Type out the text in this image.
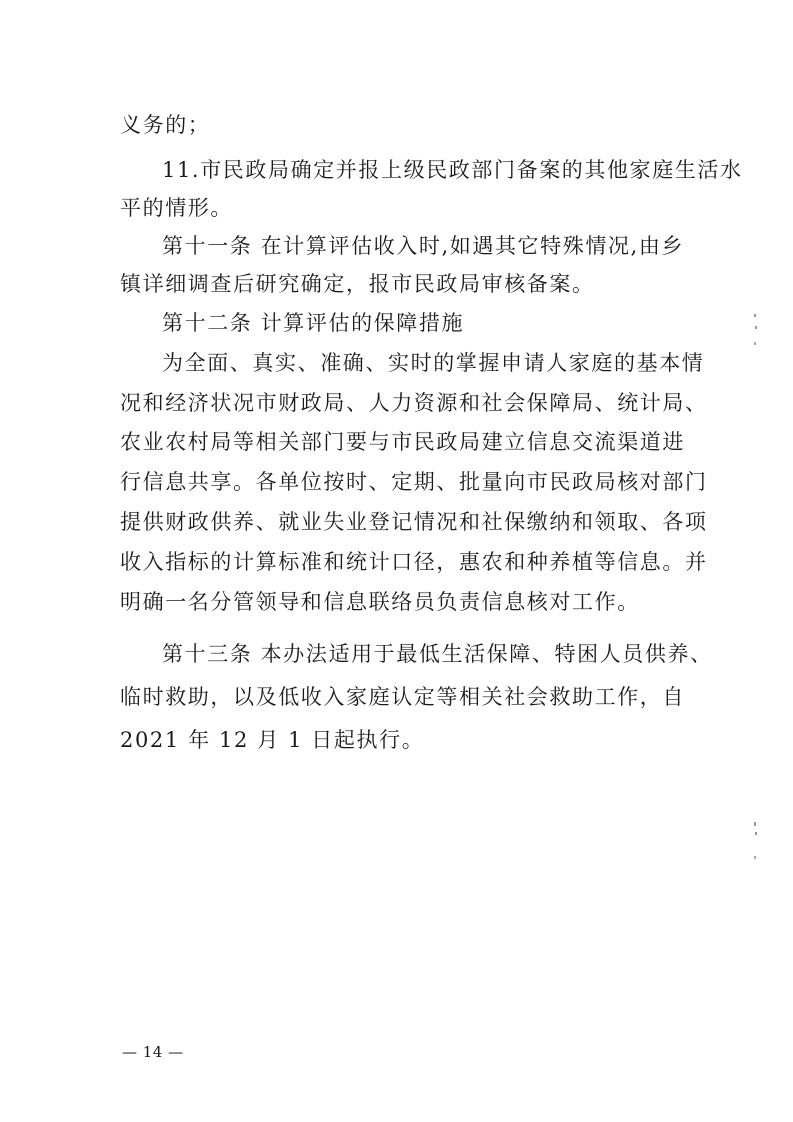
义务的；
11.市民政局确定并报上级民政部门备案的其他家庭生活水
平的情形。
第十一条 在计算评估收入时,如遇其它特殊情况,由乡
镇详细调查后研究确定，报市民政局审核备案。
第十二条 计算评估的保障措施
为全面、真实、准确、实时的掌握申请人家庭的基本情
况和经济状况市财政局、人力资源和社会保障局、统计局、
农业农村局等相关部门要与市民政局建立信息交流渠道进
行信息共享。各单位按时、定期、批量向市民政局核对部门
提供财政供养、就业失业登记情况和社保缴纳和领取、各项
收入指标的计算标准和统计口径，惠农和种养植等信息。并
明确一名分管领导和信息联络员负责信息核对工作。
第十三条 本办法适用于最低生活保障、特困人员供养、
临时救助，以及低收入家庭认定等相关社会救助工作，自
2021 年 12 月 1 日起执行。
— 14 —
